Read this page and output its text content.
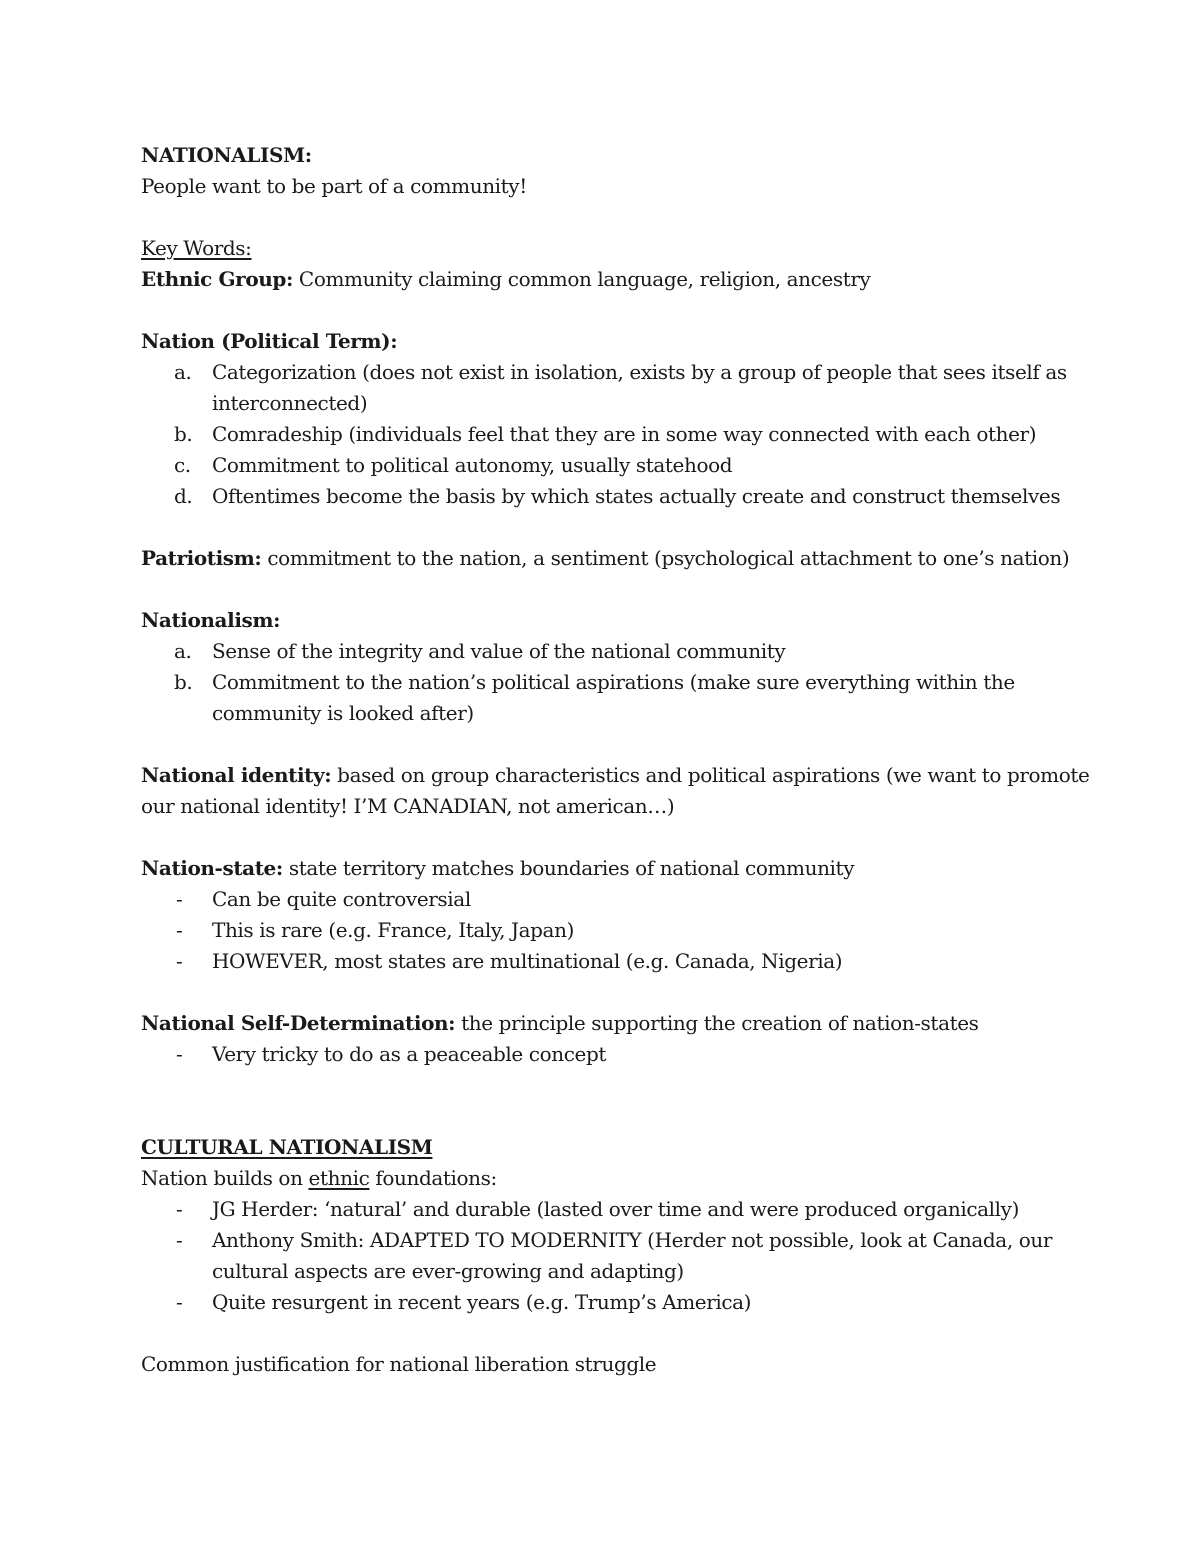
NATIONALISM:
People want to be part of a community!
Key Words:
Ethnic Group: Community claiming common language, religion, ancestry
Nation (Political Term):
a. Categorization (does not exist in isolation, exists by a group of people that sees itself as interconnected)
b. Comradeship (individuals feel that they are in some way connected with each other)
c. Commitment to political autonomy, usually statehood
d. Oftentimes become the basis by which states actually create and construct themselves
Patriotism: commitment to the nation, a sentiment (psychological attachment to one’s nation)
Nationalism:
a. Sense of the integrity and value of the national community
b. Commitment to the nation’s political aspirations (make sure everything within the community is looked after)
National identity: based on group characteristics and political aspirations (we want to promote
our national identity! I’M CANADIAN, not american…)
Nation-state: state territory matches boundaries of national community
- Can be quite controversial
- This is rare (e.g. France, Italy, Japan)
- HOWEVER, most states are multinational (e.g. Canada, Nigeria)
National Self-Determination: the principle supporting the creation of nation-states
- Very tricky to do as a peaceable concept
CULTURAL NATIONALISM
Nation builds on ethnic foundations:
- JG Herder: ‘natural’ and durable (lasted over time and were produced organically)
- Anthony Smith: ADAPTED TO MODERNITY (Herder not possible, look at Canada, our cultural aspects are ever-growing and adapting)
- Quite resurgent in recent years (e.g. Trump’s America)
Common justification for national liberation struggle
